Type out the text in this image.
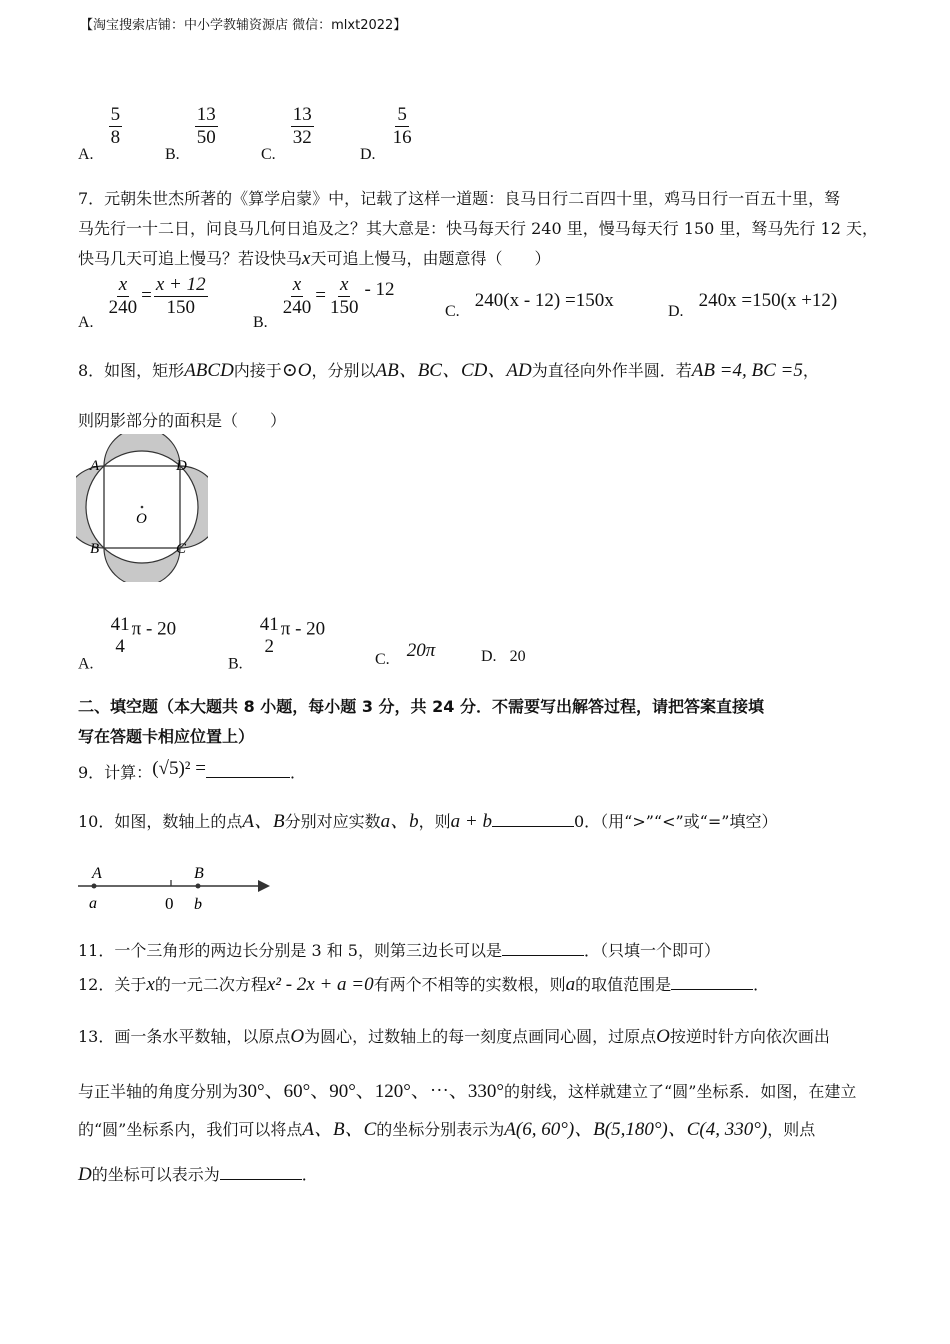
【淘宝搜索店铺：中小学教辅资源店 微信：mlxt2022】
A.
$\frac{5}{8}$
B.
$\frac{13}{50}$
C.
$\frac{13}{32}$
D.
$\frac{5}{16}$
7．元朝朱世杰所著的《算学启蒙》中，记载了这样一道题：良马日行二百四十里，鸡马日行一百五十里，驽
马先行一十二日，问良马几何日追及之？其大意是：快马每天行 240 里，慢马每天行 150 里，驽马先行 12 天，
快马几天可追上慢马？若设快马x天可追上慢马，由题意得（　　）
A.
$\frac{x}{240} = \frac{x + 12}{150}$
B.
$\frac{x}{240} = \frac{x}{150} - 12$
C. 240(x - 12) =150x
D. 240x =150(x +12)
8．如图，矩形ABCD内接于⊙O，分别以AB、BC、CD、AD为直径向外作半圆．若AB =4, BC =5，
则阴影部分的面积是（　　）
A	D
B	C
O
A.
41
4
π - 20
B.
41
2
π - 20
C. 20π	D. 20
二、填空题（本大题共 8 小题，每小题 3 分，共 24 分．不需要写出解答过程，请把答案直接填
写在答题卡相应位置上）
9．计算：(√5)² =	．
10．如图，数轴上的点A、B分别对应实数a、b，则a + b	0．（用“>”“<”或“=”填空）
A	B
a	0 b
11．一个三角形的两边长分别是 3 和 5，则第三边长可以是	．（只填一个即可）
12．关于x的一元二次方程x² - 2x + a =0有两个不相等的实数根，则a的取值范围是	．
13．画一条水平数轴，以原点O为圆心，过数轴上的每一刻度点画同心圆，过原点O按逆时针方向依次画出
与正半轴的角度分别为30°、60°、90°、120°、⋯、330°的射线，这样就建立了“圆”坐标系．如图，在建立
的“圆”坐标系内，我们可以将点A、B、C的坐标分别表示为A(6, 60°)、B(5,180°)、C(4, 330°)，则点
D的坐标可以表示为	．
